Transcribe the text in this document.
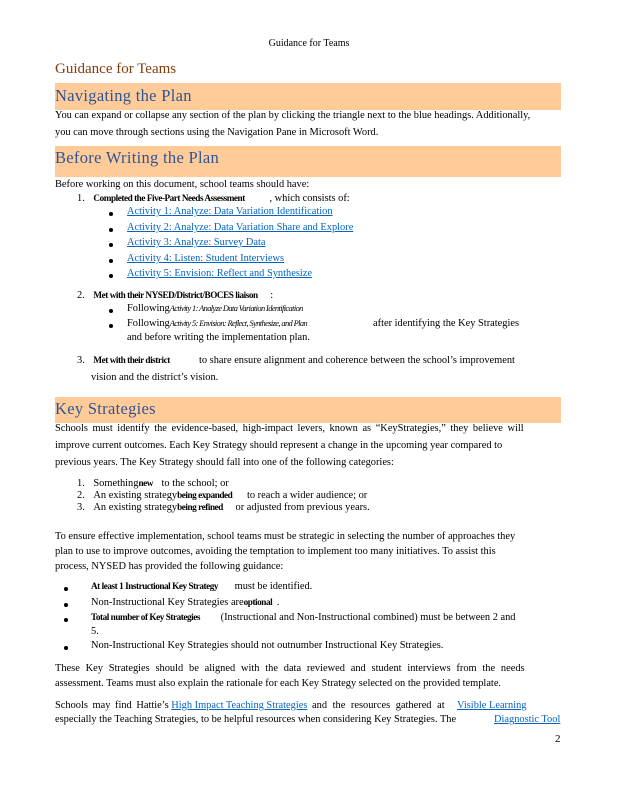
Guidance for Teams
Guidance for Teams
Navigating the Plan
You can expand or collapse any section of the plan by clicking the triangle next to the blue headings. Additionally,
you can move through sections using the Navigation Pane in Microsoft Word.
Before Writing the Plan
Before working on this document, school teams should have:
1. Completed the Five-Part Needs Assessment , which consists of:
Activity 1: Analyze: Data Variation Identification
Activity 2: Analyze: Data Variation Share and Explore
Activity 3: Analyze: Survey Data
Activity 4: Listen: Student Interviews
Activity 5: Envision: Reflect and Synthesize
2. Met with their NYSED/District/BOCES liaison :
FollowingActivity 1: Analyze Data Variation Identification
FollowingActivity 5: Envision: Reflect, Synthesize, and Plan	after identifying the Key Strategies
and before writing the implementation plan.
3. Met with their district	to share ensure alignment and coherence between the school’s improvement
vision and the district’s vision.
Key Strategies
Schools must identify the evidence-based, high-impact levers, known as “KeyStrategies,” they believe will
improve current outcomes. Each Key Strategy should represent a change in the upcoming year compared to
previous years. The Key Strategy should fall into one of the following categories:
1. Somethingnew to the school; or
2. An existing strategybeing expanded to reach a wider audience; or
3. An existing strategybeing refined or adjusted from previous years.
To ensure effective implementation, school teams must be strategic in selecting the number of approaches they
plan to use to improve outcomes, avoiding the temptation to implement too many initiatives. To assist this
process, NYSED has provided the following guidance:
At least 1 Instructional Key Strategy must be identified.
Non-Instructional Key Strategies areoptional .
Total number of Key Strategies (Instructional and Non-Instructional combined) must be between 2 and
5.
Non-Instructional Key Strategies should not outnumber Instructional Key Strategies.
These Key Strategies should be aligned with the data reviewed and student interviews from the needs
assessment. Teams must also explain the rationale for each Key Strategy selected on the provided template.
Schools may find Hattie’s High Impact Teaching Strategies and the resources gathered at Visible Learning
especially the Teaching Strategies, to be helpful resources when considering Key Strategies. The	Diagnostic Tool
2
